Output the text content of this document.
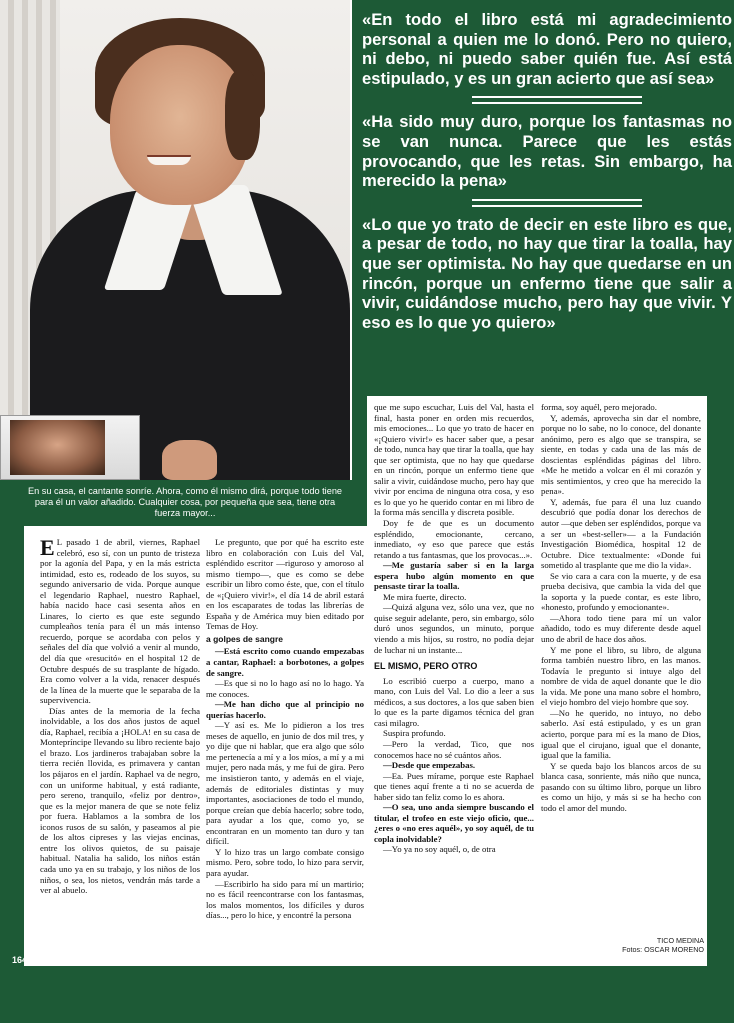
En su casa, el cantante sonríe. Ahora, como él mismo dirá, porque todo tiene para él un valor añadido. Cualquier cosa, por pequeña que sea, tiene otra fuerza mayor...

«En todo el libro está mi agradecimiento personal a quien me lo donó. Pero no quiero, ni debo, ni puedo saber quién fue. Así está estipulado, y es un gran acierto que así sea»

«Ha sido muy duro, porque los fantasmas no se van nunca. Parece que les estás provocando, que les retas. Sin embargo, ha merecido la pena»

«Lo que yo trato de decir en este libro es que, a pesar de todo, no hay que tirar la toalla, hay que ser optimista. No hay que quedarse en un rincón, porque un enfermo tiene que salir a vivir, cuidándose mucho, pero hay que vivir. Y eso es lo que yo quiero»

E L pasado 1 de abril, viernes, Raphael celebró, eso sí, con un punto de tristeza por la agonía del Papa, y en la más estricta intimidad, esto es, rodeado de los suyos, su segundo aniversario de vida. Porque aunque el legendario Raphael, nuestro Raphael, había nacido hace casi sesenta años en Linares, lo cierto es que este segundo cumpleaños tenía para él un más intenso recuerdo, porque se acordaba con pelos y señales del día que volvió a venir al mundo, del día que «resucitó» en el hospital 12 de Octubre después de su trasplante de hígado. Era como volver a la vida, renacer después de la línea de la muerte que le separaba de la supervivencia.

Días antes de la memoria de la fecha inolvidable, a los dos años justos de aquel día, Raphael, recibía a ¡HOLA! en su casa de Montepríncipe llevando su libro reciente bajo el brazo. Los jardineros trabajaban sobre la tierra recién llovida, es primavera y cantan los pájaros en el jardín. Raphael va de negro, con un uniforme habitual, y está radiante, pero sereno, tranquilo, «feliz por dentro», que es la mejor manera de que se note feliz por fuera. Hablamos a la sombra de los iconos rusos de su salón, y paseamos al pie de los altos cipreses y las viejas encinas, entre los olivos quietos, de su paisaje habitual. Natalia ha salido, los niños están cada uno ya en su trabajo, y los niños de los niños, o sea, los nietos, vendrán más tarde a ver al abuelo.

Le pregunto, que por qué ha escrito este libro en colaboración con Luis del Val, espléndido escritor —riguroso y amoroso al mismo tiempo—, que es como se debe escribir un libro como éste, que, con el título de «¡Quiero vivir!», el día 14 de abril estará en los escaparates de todas las librerías de España y de América muy bien editado por Temas de Hoy.

a golpes de sangre

—Está escrito como cuando empezabas a cantar, Raphael: a borbotones, a golpes de sangre.

—Es que si no lo hago así no lo hago. Ya me conoces.

—Me han dicho que al principio no querías hacerlo.

—Y así es. Me lo pidieron a los tres meses de aquello, en junio de dos mil tres, y yo dije que ni hablar, que era algo que sólo me pertenecía a mí y a los míos, a mí y a mi mujer, pero nada más, y me fui de gira. Pero me insistieron tanto, y además en el viaje, además de editoriales distintas y muy importantes, asociaciones de todo el mundo, porque creían que debía hacerlo; sobre todo, para ayudar a los que, como yo, se encontraran en un momento tan duro y tan difícil.

Y lo hizo tras un largo combate consigo mismo. Pero, sobre todo, lo hizo para servir, para ayudar.

—Escribirlo ha sido para mí un martirio; no es fácil reencontrarse con los fantasmas, los malos momentos, los difíciles y duros días..., pero lo hice, y encontré la persona

que me supo escuchar, Luis del Val, hasta el final, hasta poner en orden mis recuerdos, mis emociones... Lo que yo trato de hacer en «¡Quiero vivir!» es hacer saber que, a pesar de todo, nunca hay que tirar la toalla, que hay que ser optimista, que no hay que quedarse en un rincón, porque un enfermo tiene que salir a vivir, cuidándose mucho, pero hay que vivir por encima de ninguna otra cosa, y eso es lo que yo he querido contar en mi libro de la forma más sencilla y discreta posible.

Doy fe de que es un documento espléndido, emocionante, cercano, inmediato, «y eso que parece que estás retando a tus fantasmas, que los provocas...».

—Me gustaría saber si en la larga espera hubo algún momento en que pensaste tirar la toalla.

Me mira fuerte, directo.

—Quizá alguna vez, sólo una vez, que no quise seguir adelante, pero, sin embargo, sólo duró unos segundos, un minuto, porque viendo a mis hijos, su rostro, no podía dejar de luchar ni un instante...

EL MISMO, PERO OTRO

Lo escribió cuerpo a cuerpo, mano a mano, con Luis del Val. Lo dio a leer a sus médicos, a sus doctores, a los que saben bien lo que es la parte digamos técnica del gran casi milagro.

Suspira profundo.

—Pero la verdad, Tico, que nos conocemos hace no sé cuántos años.

—Desde que empezabas.

—Ea. Pues mírame, porque este Raphael que tienes aquí frente a ti no se acuerda de haber sido tan feliz como lo es ahora.

—O sea, uno anda siempre buscando el titular, el trofeo en este viejo oficio, que... ¿eres o «no eres aquél», yo soy aquél, de tu copla inolvidable?

—Yo ya no soy aquél, o, de otra

forma, soy aquél, pero mejorado.

Y, además, aprovecha sin dar el nombre, porque no lo sabe, no lo conoce, del donante anónimo, pero es algo que se transpira, se siente, en todas y cada una de las más de doscientas espléndidas páginas del libro. «Me he metido a volcar en él mi corazón y mis sentimientos, y creo que ha merecido la pena».

Y, además, fue para él una luz cuando descubrió que podía donar los derechos de autor —que deben ser espléndidos, porque va a ser un «best-seller»— a la Fundación Investigación Biomédica, hospital 12 de Octubre. Dice textualmente: «Donde fui sometido al trasplante que me dio la vida».

Se vio cara a cara con la muerte, y de esa prueba decisiva, que cambia la vida del que la soporta y la puede contar, es este libro, «honesto, profundo y emocionante».

—Ahora todo tiene para mí un valor añadido, todo es muy diferente desde aquel uno de abril de hace dos años.

Y me pone el libro, su libro, de alguna forma también nuestro libro, en las manos. Todavía le pregunto si intuye algo del nombre de vida de aquel donante que le dio la vida. Me pone una mano sobre el hombro, el viejo hombro del viejo hombre que soy.

—No he querido, no intuyo, no debo saberlo. Así está estipulado, y es un gran acierto, porque para mí es la mano de Dios, igual que el cirujano, igual que el donante, igual que la familia.

Y se queda bajo los blancos arcos de su blanca casa, sonriente, más niño que nunca, pasando con su último libro, porque un libro es como un hijo, y más si se ha hecho con todo el amor del mundo.

TICO MEDINA
Fotos: OSCAR MORENO
164
